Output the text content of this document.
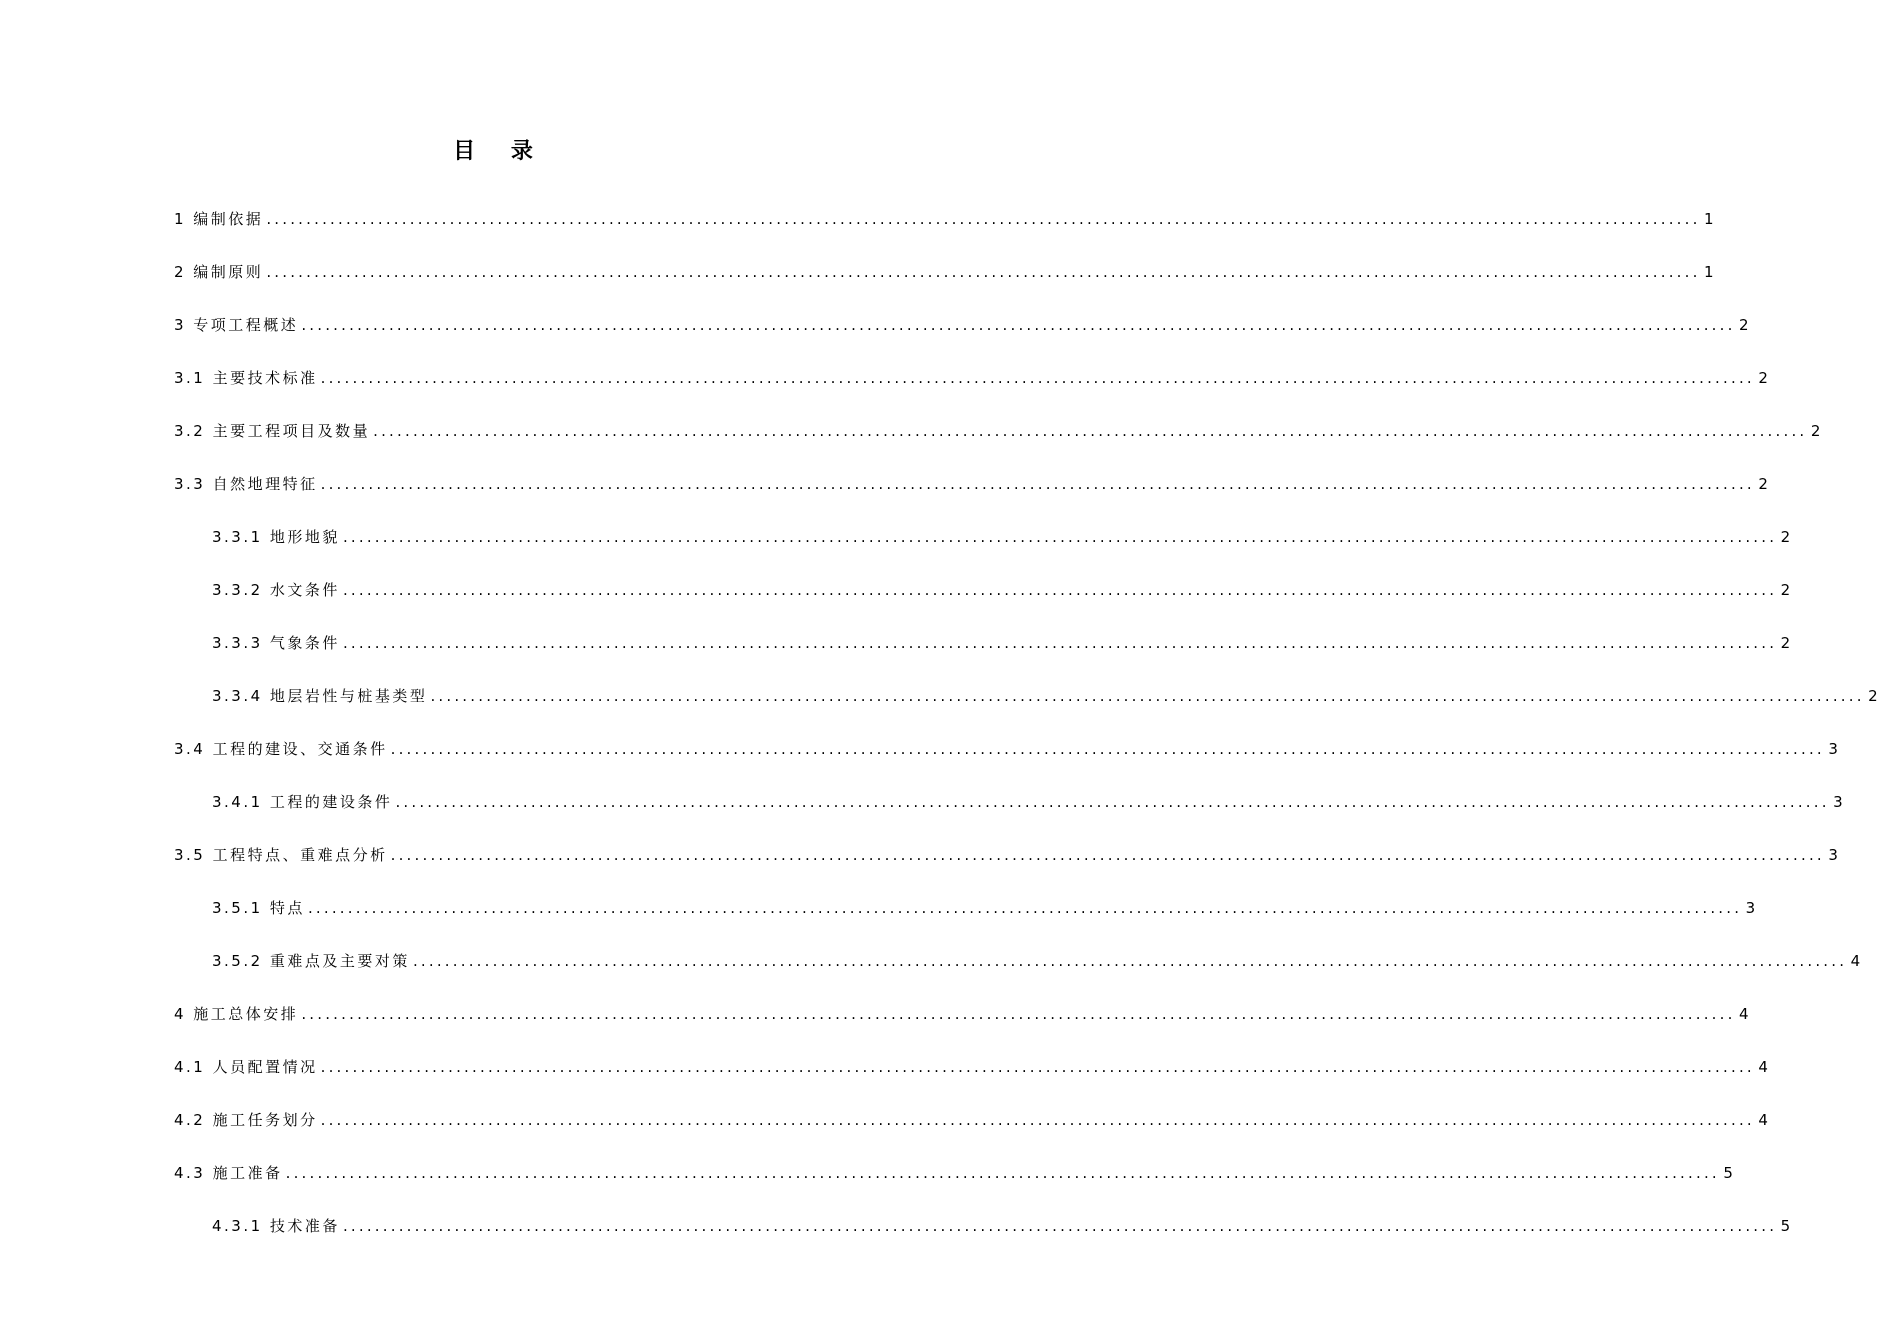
目 录
1 编制依据 .................................................................................................................................................................................... 1
2 编制原则 .................................................................................................................................................................................... 1
3 专项工程概述 .................................................................................................................................................................................... 2
3.1 主要技术标准 .................................................................................................................................................................................... 2
3.2 主要工程项目及数量 .................................................................................................................................................................................... 2
3.3 自然地理特征 .................................................................................................................................................................................... 2
3.3.1 地形地貌 .................................................................................................................................................................................... 2
3.3.2 水文条件 .................................................................................................................................................................................... 2
3.3.3 气象条件 .................................................................................................................................................................................... 2
3.3.4 地层岩性与桩基类型 .................................................................................................................................................................................... 2
3.4 工程的建设、交通条件 .................................................................................................................................................................................... 3
3.4.1 工程的建设条件 .................................................................................................................................................................................... 3
3.5 工程特点、重难点分析 .................................................................................................................................................................................... 3
3.5.1 特点 .................................................................................................................................................................................... 3
3.5.2 重难点及主要对策 .................................................................................................................................................................................... 4
4 施工总体安排 .................................................................................................................................................................................... 4
4.1 人员配置情况 .................................................................................................................................................................................... 4
4.2 施工任务划分 .................................................................................................................................................................................... 4
4.3 施工准备 .................................................................................................................................................................................... 5
4.3.1 技术准备 .................................................................................................................................................................................... 5
